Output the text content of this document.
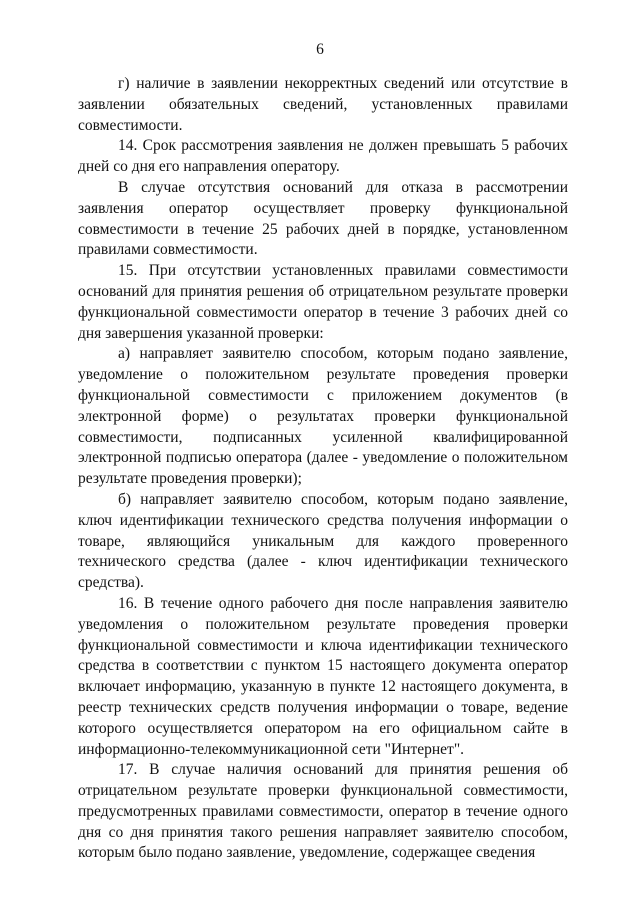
6

г) наличие в заявлении некорректных сведений или отсутствие в заявлении обязательных сведений, установленных правилами совместимости.

14. Срок рассмотрения заявления не должен превышать 5 рабочих дней со дня его направления оператору.

В случае отсутствия оснований для отказа в рассмотрении заявления оператор осуществляет проверку функциональной совместимости в течение 25 рабочих дней в порядке, установленном правилами совместимости.

15. При отсутствии установленных правилами совместимости оснований для принятия решения об отрицательном результате проверки функциональной совместимости оператор в течение 3 рабочих дней со дня завершения указанной проверки:

а) направляет заявителю способом, которым подано заявление, уведомление о положительном результате проведения проверки функциональной совместимости с приложением документов (в электронной форме) о результатах проверки функциональной совместимости, подписанных усиленной квалифицированной электронной подписью оператора (далее - уведомление о положительном результате проведения проверки);

б) направляет заявителю способом, которым подано заявление, ключ идентификации технического средства получения информации о товаре, являющийся уникальным для каждого проверенного технического средства (далее - ключ идентификации технического средства).

16. В течение одного рабочего дня после направления заявителю уведомления о положительном результате проведения проверки функциональной совместимости и ключа идентификации технического средства в соответствии с пунктом 15 настоящего документа оператор включает информацию, указанную в пункте 12 настоящего документа, в реестр технических средств получения информации о товаре, ведение которого осуществляется оператором на его официальном сайте в информационно-телекоммуникационной сети "Интернет".

17. В случае наличия оснований для принятия решения об отрицательном результате проверки функциональной совместимости, предусмотренных правилами совместимости, оператор в течение одного дня со дня принятия такого решения направляет заявителю способом, которым было подано заявление, уведомление, содержащее сведения
